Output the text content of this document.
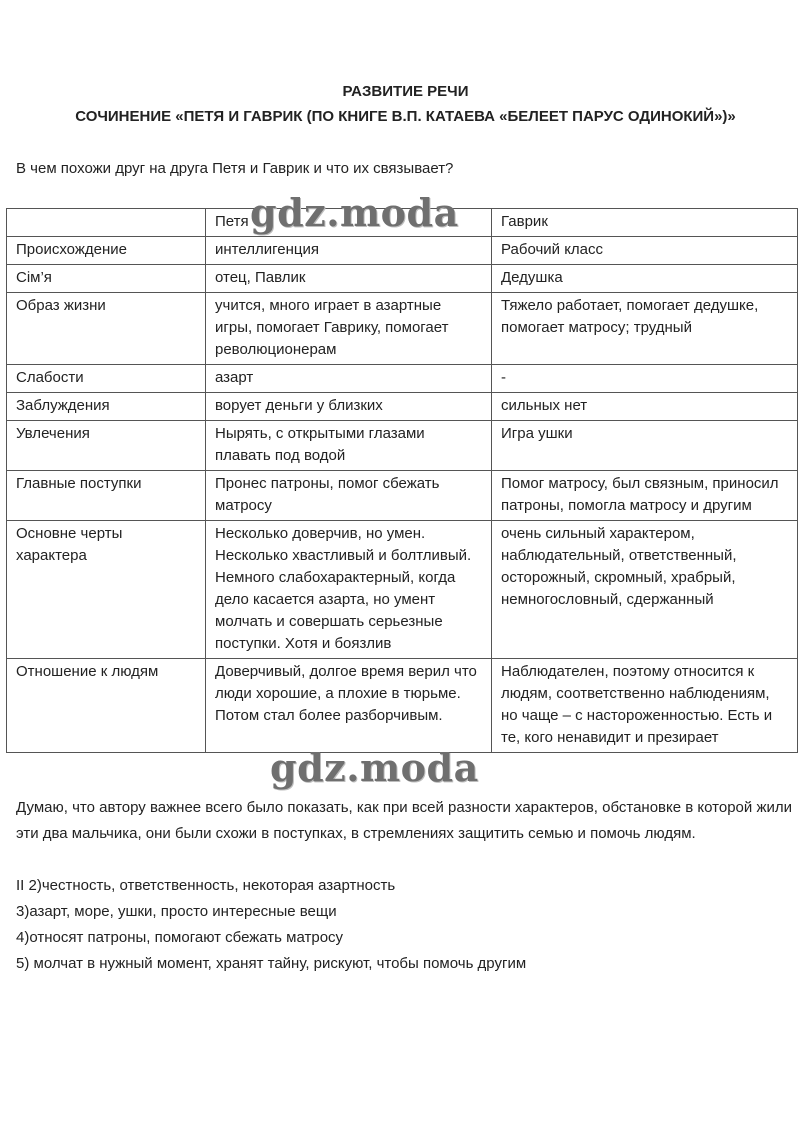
РАЗВИТИЕ РЕЧИ
СОЧИНЕНИЕ «ПЕТЯ И ГАВРИК (ПО КНИГЕ В.П. КАТАЕВА «БЕЛЕЕТ ПАРУС ОДИНОКИЙ»)»

В чем похожи друг на друга Петя и Гаврик и что их связывает?

	Петя	Гаврик
Происхождение	интеллигенция	Рабочий класс
Сім’я	отец, Павлик	Дедушка
Образ жизни	учится, много играет в азартные игры, помогает Гаврику, помогает революционерам	Тяжело работает, помогает дедушке, помогает матросу; трудный
Слабости	азарт	-
Заблуждения	ворует деньги у близких	сильных нет
Увлечения	Нырять, с открытыми глазами плавать под водой	Игра ушки
Главные поступки	Пронес патроны, помог сбежать матросу	Помог матросу, был связным, приносил патроны, помогла матросу и другим
Основне черты характера	Несколько доверчив, но умен. Несколько хвастливый и болтливый. Немного слабохарактерный, когда дело касается азарта, но умент молчать и совершать серьезные поступки. Хотя и боязлив	очень сильный характером, наблюдательный, ответственный, осторожный, скромный, храбрый, немногословный, сдержанный
Отношение к людям	Доверчивый, долгое время верил что люди хорошие, а плохие в тюрьме. Потом стал более разборчивым.	Наблюдателен, поэтому относится к людям, соответственно наблюдениям, но чаще – с настороженностью. Есть и те, кого ненавидит и презирает
gdz.moda
gdz.moda

Думаю, что автору важнее всего было показать, как при всей разности характеров, обстановке в которой жили эти два мальчика, они были схожи в поступках, в стремлениях защитить семью и помочь людям.

II 2)честность, ответственность, некоторая азартность
3)азарт, море, ушки, просто интересные вещи
4)относят патроны, помогают сбежать матросу
5) молчат в нужный момент, хранят тайну, рискуют, чтобы помочь другим
